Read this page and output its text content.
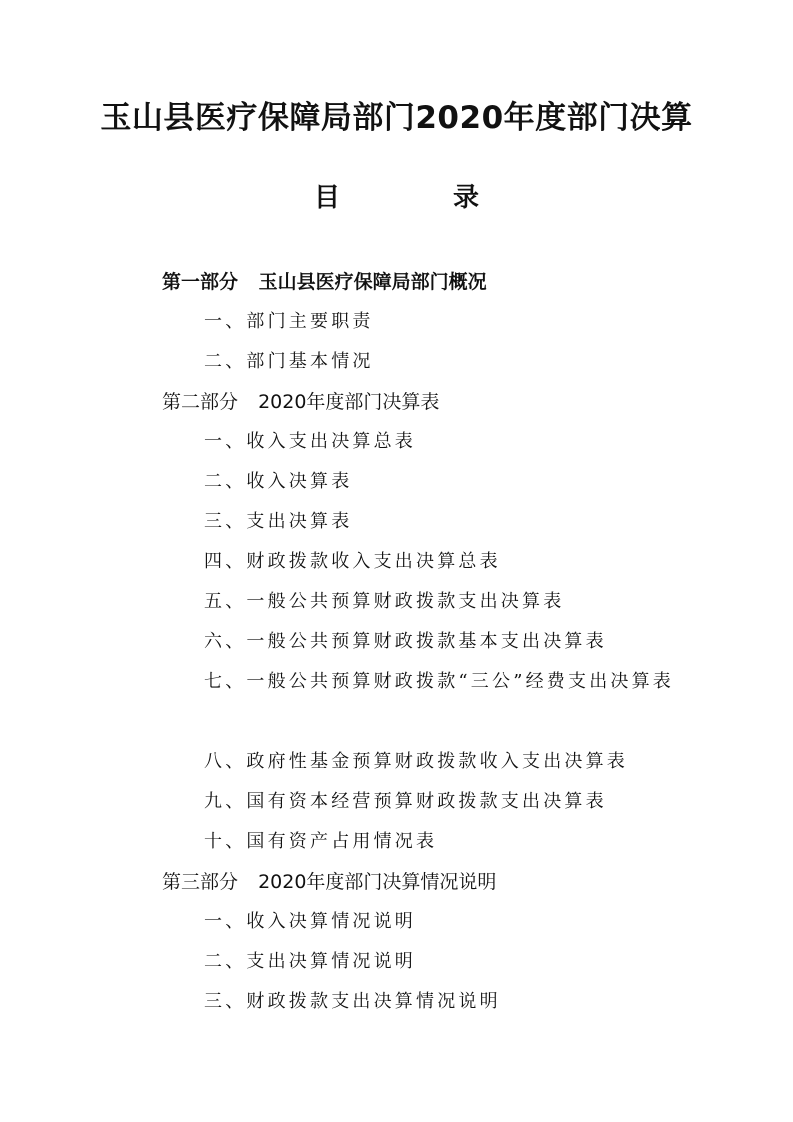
玉山县医疗保障局部门2020年度部门决算
目 录
第一部分 玉山县医疗保障局部门概况
一、部门主要职责
二、部门基本情况
第二部分 2020年度部门决算表
一、收入支出决算总表
二、收入决算表
三、支出决算表
四、财政拨款收入支出决算总表
五、一般公共预算财政拨款支出决算表
六、一般公共预算财政拨款基本支出决算表
七、一般公共预算财政拨款“三公”经费支出决算表
八、政府性基金预算财政拨款收入支出决算表
九、国有资本经营预算财政拨款支出决算表
十、国有资产占用情况表
第三部分 2020年度部门决算情况说明
一、收入决算情况说明
二、支出决算情况说明
三、财政拨款支出决算情况说明
